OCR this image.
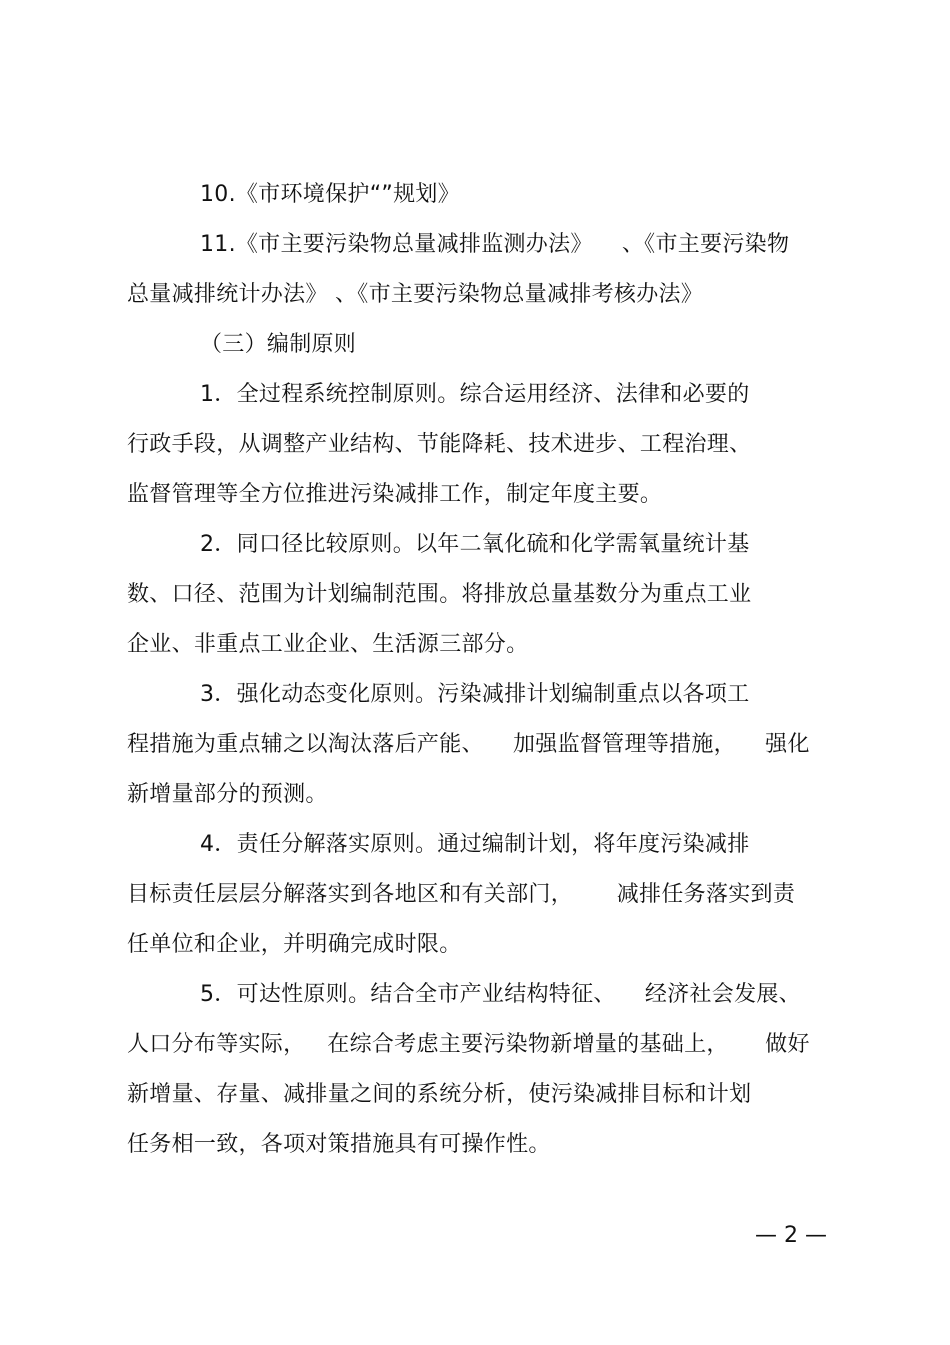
10.《市环境保护“”规划》
11.《市主要污染物总量减排监测办法》    、《市主要污染物
总量减排统计办法》 、《市主要污染物总量减排考核办法》
（三）编制原则
1．全过程系统控制原则。综合运用经济、法律和必要的
行政手段，从调整产业结构、节能降耗、技术进步、工程治理、
监督管理等全方位推进污染减排工作，制定年度主要。
2．同口径比较原则。以年二氧化硫和化学需氧量统计基
数、口径、范围为计划编制范围。将排放总量基数分为重点工业
企业、非重点工业企业、生活源三部分。
3．强化动态变化原则。污染减排计划编制重点以各项工
程措施为重点辅之以淘汰落后产能、    加强监督管理等措施，    强化
新增量部分的预测。
4．责任分解落实原则。通过编制计划，将年度污染减排
目标责任层层分解落实到各地区和有关部门，      减排任务落实到责
任单位和企业，并明确完成时限。
5．可达性原则。结合全市产业结构特征、    经济社会发展、
人口分布等实际，   在综合考虑主要污染物新增量的基础上，     做好
新增量、存量、减排量之间的系统分析，使污染减排目标和计划
任务相一致，各项对策措施具有可操作性。
— 2 —
